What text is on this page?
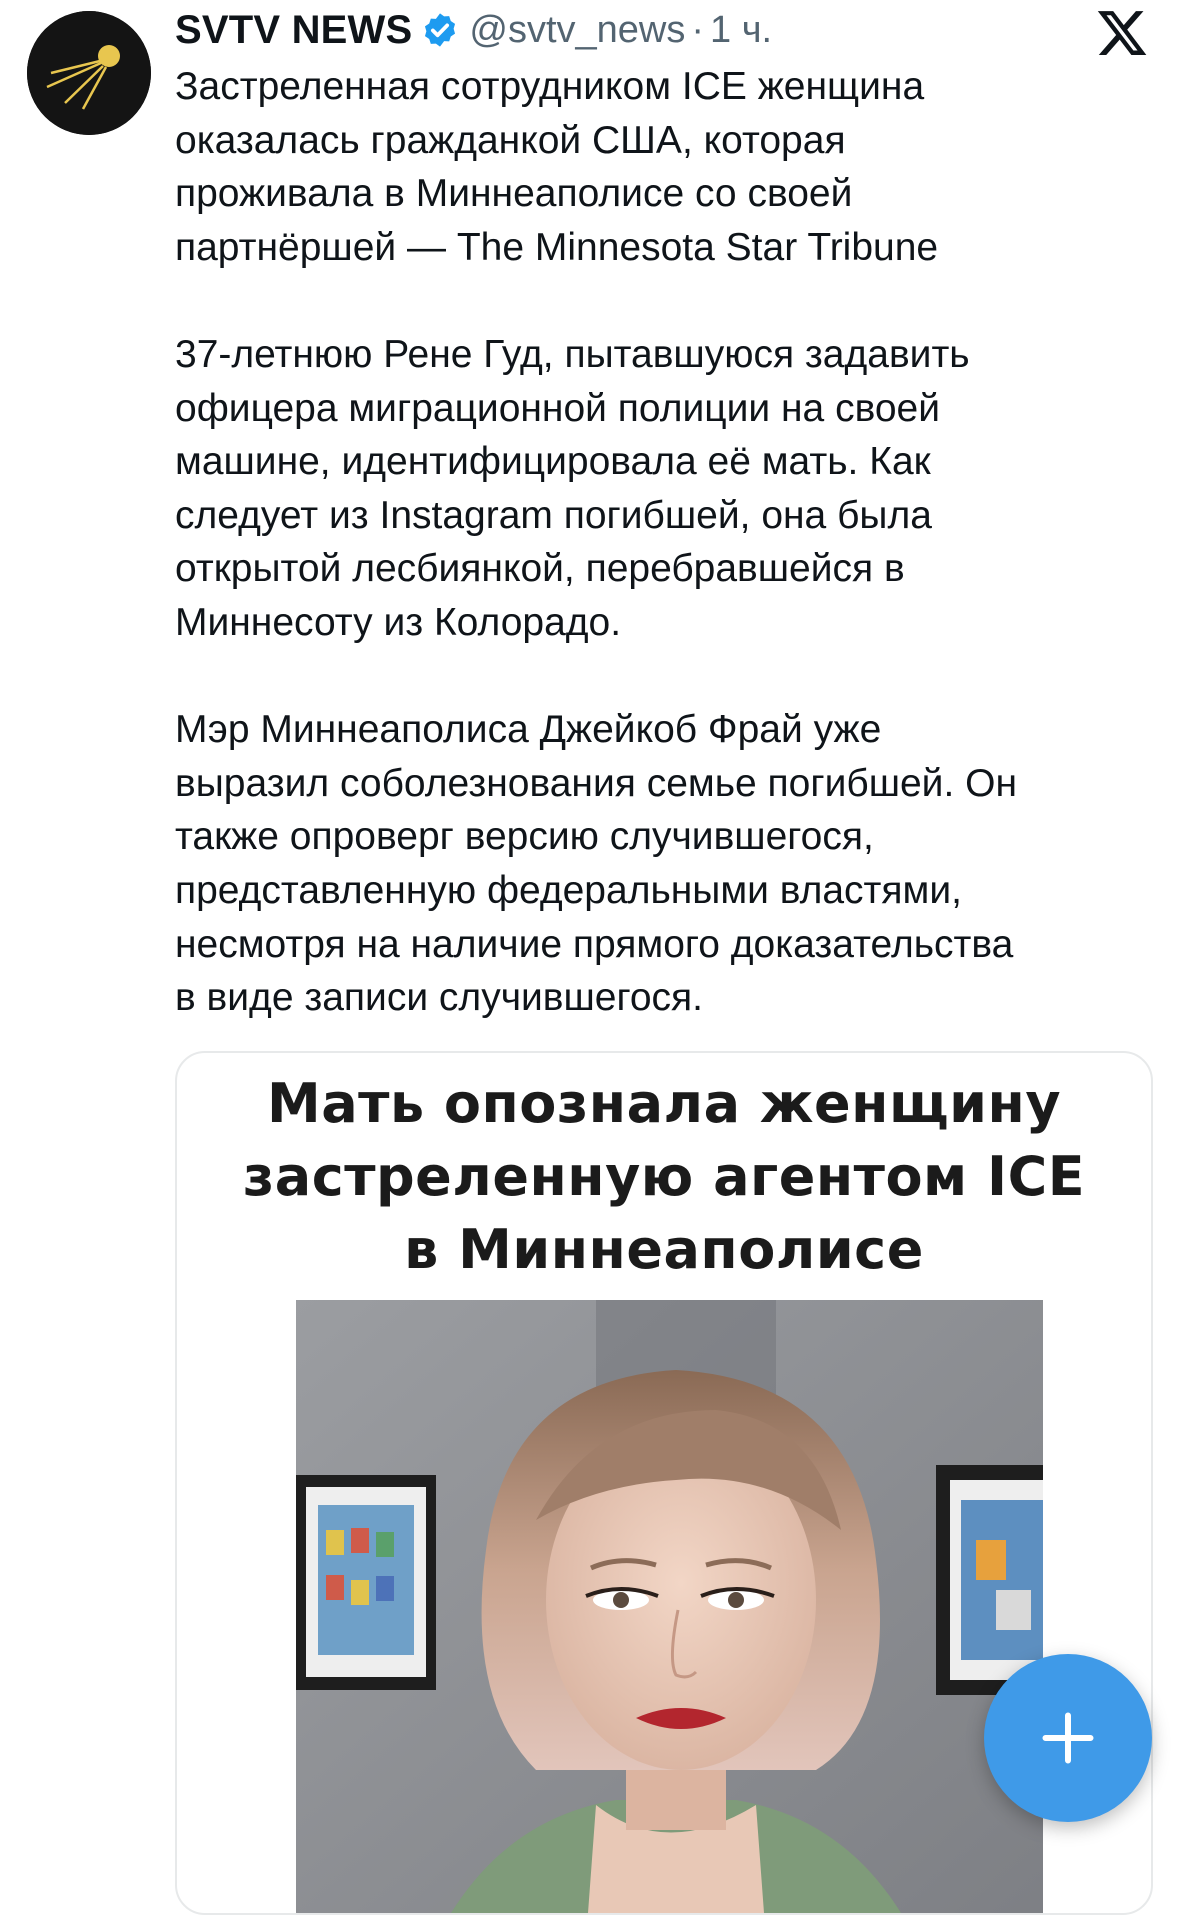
SVTV NEWS @svtv_news · 1 ч.

Застреленная сотрудником ICE женщина
оказалась гражданкой США, которая
проживала в Миннеаполисе со своей
партнёршей — The Minnesota Star Tribune

37-летнюю Рене Гуд, пытавшуюся задавить
офицера миграционной полиции на своей
машине, идентифицировала её мать. Как
следует из Instagram погибшей, она была
открытой лесбиянкой, перебравшейся в
Миннесоту из Колорадо.

Мэр Миннеаполиса Джейкоб Фрай уже
выразил соболезнования семье погибшей. Он
также опроверг версию случившегося,
представленную федеральными властями,
несмотря на наличие прямого доказательства
в виде записи случившегося.

Мать опознала женщину
застреленную агентом ICE
в Миннеаполисе
